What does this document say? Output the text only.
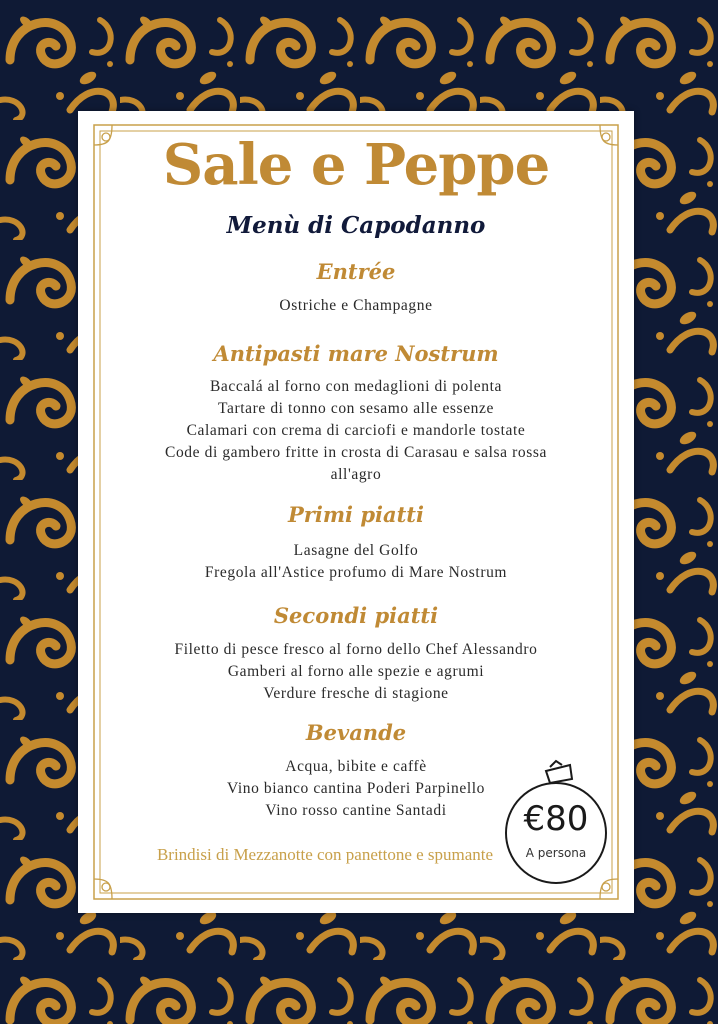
Sale e Peppe
Menù di Capodanno
Entrée
Ostriche e Champagne
Antipasti mare Nostrum
Baccalá al forno con medaglioni di polenta
Tartare di tonno con sesamo alle essenze
Calamari con crema di carciofi e mandorle tostate
Code di gambero fritte in crosta di Carasau e salsa rossa all'agro
Primi piatti
Lasagne del Golfo
Fregola all'Astice profumo di Mare Nostrum
Secondi piatti
Filetto di pesce fresco al forno dello Chef Alessandro
Gamberi al forno alle spezie e agrumi
Verdure fresche di stagione
Bevande
Acqua, bibite e caffè
Vino bianco cantina Poderi Parpinello
Vino rosso cantine Santadi
Brindisi di Mezzanotte con panettone e spumante
€80
A persona
